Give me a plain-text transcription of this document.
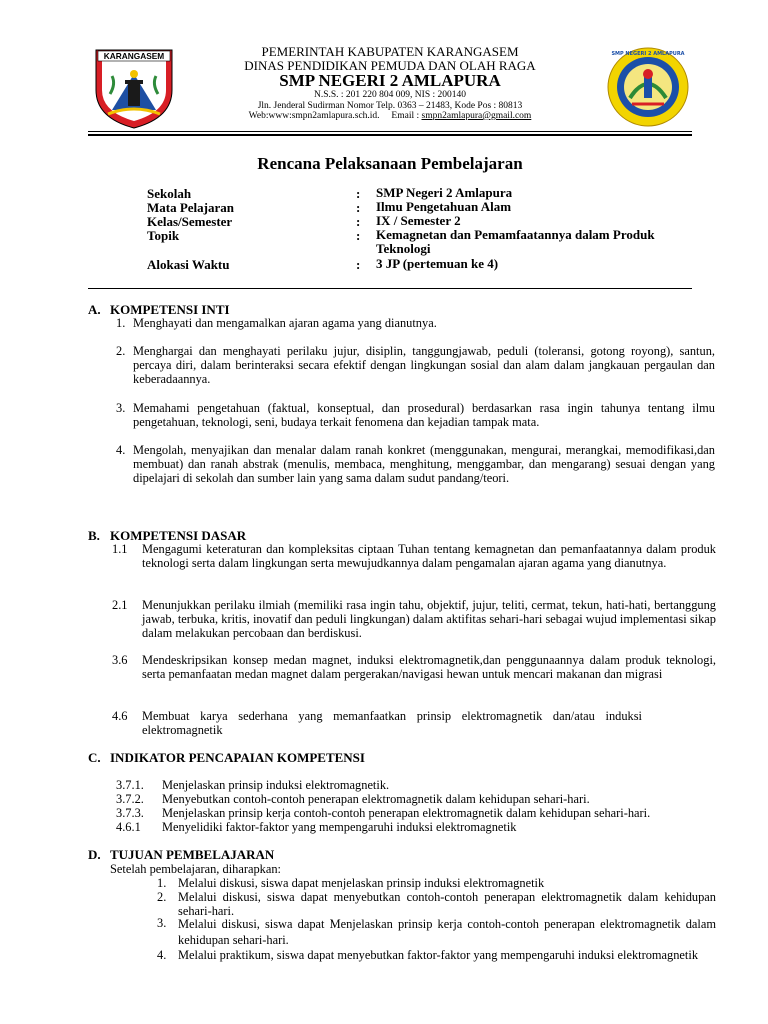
KARANGASEM	PEMERINTAH KABUPATEN KARANGASEM
DINAS PENDIDIKAN PEMUDA DAN OLAH RAGA
SMP NEGERI 2 AMLAPURA
N.S.S. : 201 220 804 009, NIS : 200140
Jln. Jenderal Sudirman Nomor Telp. 0363 – 21483, Kode Pos : 80813
Web:www:smpn2amlapura.sch.id.     Email : smpn2amlapura@gmail.com
SMP NEGERI 2 AMLAPURA
Rencana Pelaksanaan Pembelajaran
Sekolah	: SMP Negeri 2 Amlapura
Mata Pelajaran	: Ilmu Pengetahuan Alam
Kelas/Semester	: IX / Semester 2
Topik	: Kemagnetan dan Pemamfaatannya dalam Produk Teknologi
Alokasi Waktu	: 3 JP (pertemuan ke 4)
A. KOMPETENSI INTI
1. Menghayati dan mengamalkan ajaran agama yang dianutnya.
2. Menghargai dan menghayati perilaku jujur, disiplin, tanggungjawab, peduli (toleransi, gotong royong), santun, percaya diri, dalam berinteraksi secara efektif dengan lingkungan sosial dan alam dalam jangkauan pergaulan dan keberadaannya.
3. Memahami pengetahuan (faktual, konseptual, dan prosedural) berdasarkan rasa ingin tahunya tentang ilmu pengetahuan, teknologi, seni, budaya terkait fenomena dan kejadian tampak mata.
4. Mengolah, menyajikan dan menalar dalam ranah konkret (menggunakan, mengurai, merangkai, memodifikasi,dan membuat) dan ranah abstrak (menulis, membaca, menghitung, menggambar, dan mengarang) sesuai dengan yang dipelajari di sekolah dan sumber lain yang sama dalam sudut pandang/teori.
B. KOMPETENSI DASAR
1.1 Mengagumi keteraturan dan kompleksitas ciptaan Tuhan tentang kemagnetan dan pemanfaatannya dalam produk teknologi serta dalam lingkungan serta mewujudkannya dalam pengamalan ajaran agama yang dianutnya.
2.1 Menunjukkan perilaku ilmiah (memiliki rasa ingin tahu, objektif, jujur, teliti, cermat, tekun, hati-hati, bertanggung jawab, terbuka, kritis, inovatif dan peduli lingkungan) dalam aktifitas sehari-hari sebagai wujud implementasi sikap dalam melakukan percobaan dan berdiskusi.
3.6 Mendeskripsikan konsep medan magnet, induksi elektromagnetik,dan penggunaannya dalam produk teknologi, serta pemanfaatan medan magnet dalam pergerakan/navigasi hewan untuk mencari makanan dan migrasi
4.6 Membuat karya sederhana yang memanfaatkan prinsip elektromagnetik dan/atau induksi elektromagnetik
C. INDIKATOR PENCAPAIAN KOMPETENSI
3.7.1. Menjelaskan prinsip induksi elektromagnetik.
3.7.2. Menyebutkan contoh-contoh penerapan elektromagnetik dalam kehidupan sehari-hari.
3.7.3. Menjelaskan prinsip kerja contoh-contoh penerapan elektromagnetik dalam kehidupan sehari-hari.
4.6.1 Menyelidiki faktor-faktor yang mempengaruhi induksi elektromagnetik
D. TUJUAN PEMBELAJARAN
Setelah pembelajaran, diharapkan:
1. Melalui diskusi, siswa dapat menjelaskan prinsip induksi elektromagnetik
2. Melalui diskusi, siswa dapat menyebutkan contoh-contoh penerapan elektromagnetik dalam kehidupan sehari-hari.
3. Melalui diskusi, siswa dapat Menjelaskan prinsip kerja contoh-contoh penerapan elektromagnetik dalam kehidupan sehari-hari.
4. Melalui praktikum, siswa dapat menyebutkan faktor-faktor yang mempengaruhi induksi elektromagnetik
